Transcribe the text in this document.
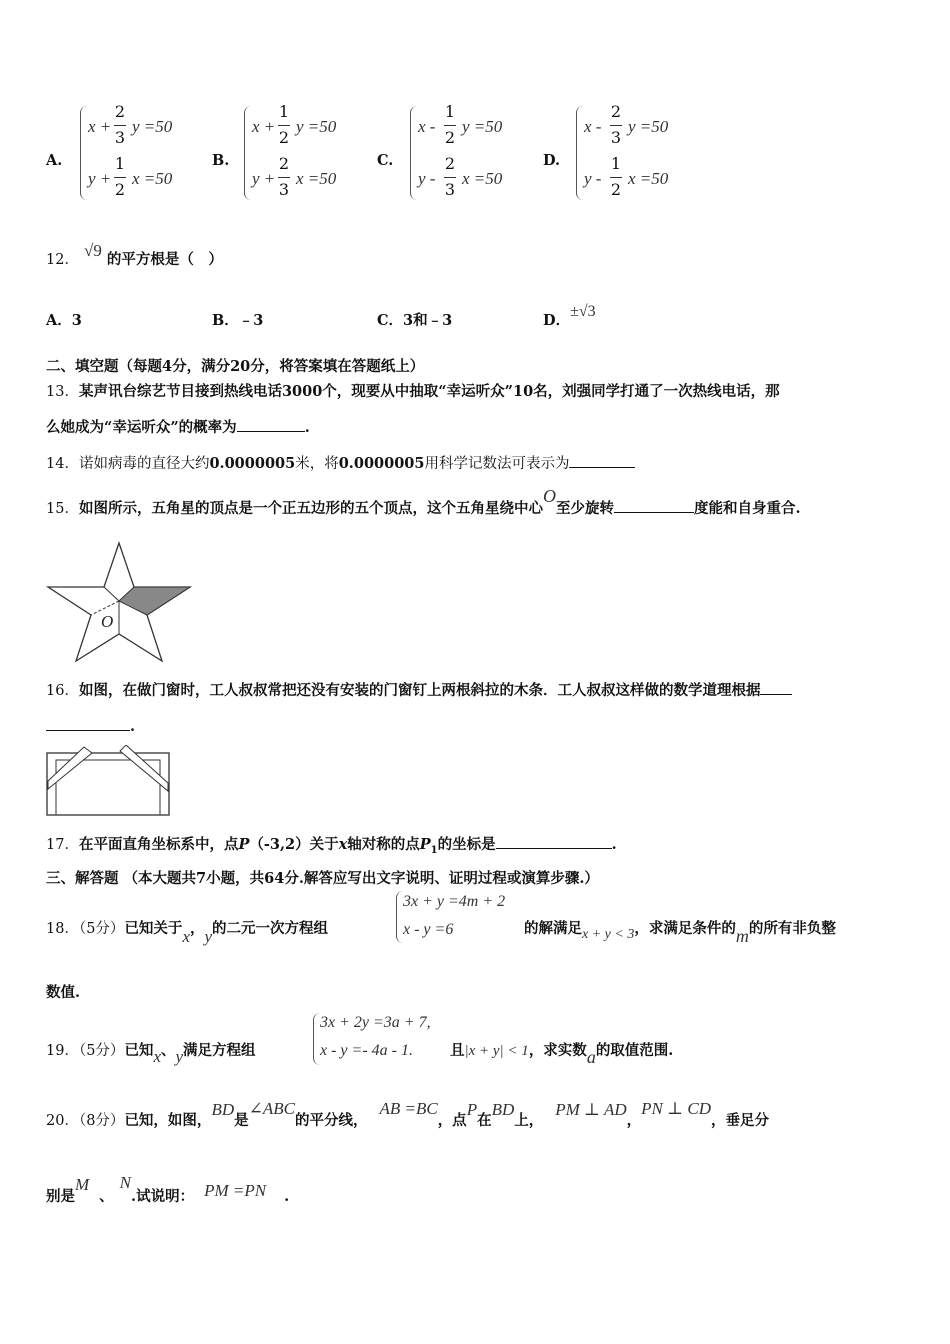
A.
x +
2
3
y =50
y +
1
2
x =50
B.
x +
1
2
y =50
y +
2
3
x =50
C.
x -
1
2
y =50
y -
2
3
x =50
D.
x -
2
3
y =50
y -
1
2
x =50
12． √9 的平方根是（　）
A．3	B．﹣3	C．3和﹣3	D．±√3
二、填空题（每题4分，满分20分，将答案填在答题纸上）
13．某声讯台综艺节目接到热线电话3000个，现要从中抽取“幸运听众”10名，刘强同学打通了一次热线电话，那
么她成为“幸运听众”的概率为	.
14．诺如病毒的直径大约0.0000005米，将0.0000005用科学记数法可表示为
15．如图所示，五角星的顶点是一个正五边形的五个顶点，这个五角星绕中心O至少旋转	度能和自身重合.
O
16．如图，在做门窗时，工人叔叔常把还没有安装的门窗钉上两根斜拉的木条．工人叔叔这样做的数学道理根据
.
17．在平面直角坐标系中，点P（-3,2）关于x轴对称的点$P_1$的坐标是	.
三、解答题 （本大题共7小题，共64分.解答应写出文字说明、证明过程或演算步骤.）
18．（5分）已知关于x，y的二元一次方程组
3x + y =4m + 2
x - y =6	的解满足x + y < 3，求满足条件的m的所有非负整
数值.
19．（5分）已知x、y满足方程组
3x + 2y =3a + 7,
x - y =- 4a - 1.	且|x + y| < 1，求实数a的取值范围.
20．（8分）已知，如图，BD是∠ABC的平分线，AB =BC，点P在BD上，PM ⊥ AD，PN ⊥ CD，垂足分
别是M、N.试说明： PM =PN .
